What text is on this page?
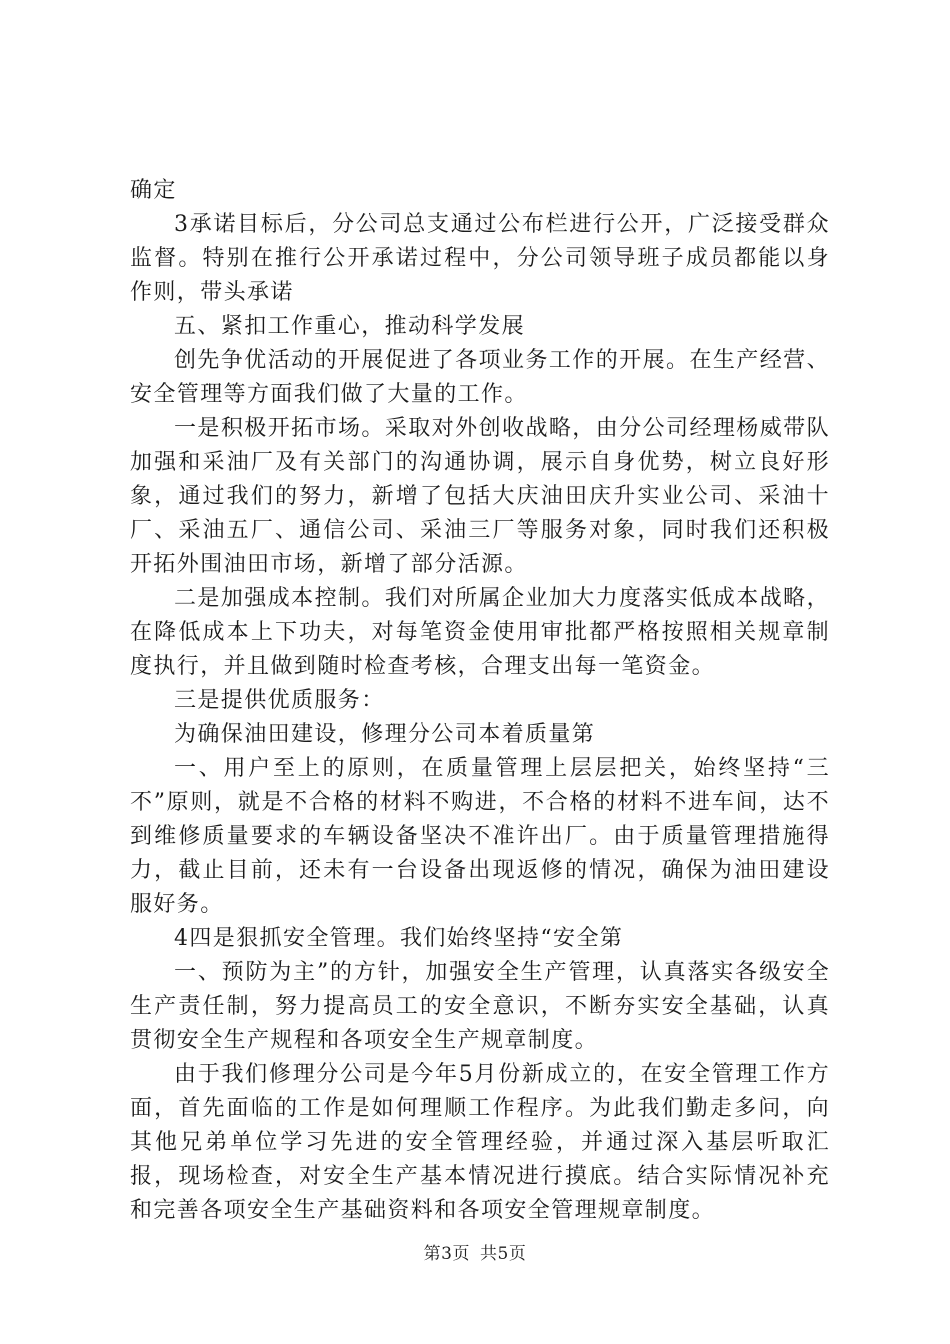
确定

3承诺目标后，分公司总支通过公布栏进行公开，广泛接受群众监督。特别在推行公开承诺过程中，分公司领导班子成员都能以身作则，带头承诺

五、紧扣工作重心，推动科学发展

创先争优活动的开展促进了各项业务工作的开展。在生产经营、安全管理等方面我们做了大量的工作。

一是积极开拓市场。采取对外创收战略，由分公司经理杨威带队加强和采油厂及有关部门的沟通协调，展示自身优势，树立良好形象，通过我们的努力，新增了包括大庆油田庆升实业公司、采油十厂、采油五厂、通信公司、采油三厂等服务对象，同时我们还积极开拓外围油田市场，新增了部分活源。

二是加强成本控制。我们对所属企业加大力度落实低成本战略，在降低成本上下功夫，对每笔资金使用审批都严格按照相关规章制度执行，并且做到随时检查考核，合理支出每一笔资金。

三是提供优质服务：

为确保油田建设，修理分公司本着质量第

一、用户至上的原则，在质量管理上层层把关，始终坚持“三不”原则，就是不合格的材料不购进，不合格的材料不进车间，达不到维修质量要求的车辆设备坚决不准许出厂。由于质量管理措施得力，截止目前，还未有一台设备出现返修的情况，确保为油田建设服好务。

4四是狠抓安全管理。我们始终坚持“安全第

一、预防为主”的方针，加强安全生产管理，认真落实各级安全生产责任制，努力提高员工的安全意识，不断夯实安全基础，认真贯彻安全生产规程和各项安全生产规章制度。

由于我们修理分公司是今年5月份新成立的，在安全管理工作方面，首先面临的工作是如何理顺工作程序。为此我们勤走多问，向其他兄弟单位学习先进的安全管理经验，并通过深入基层听取汇报，现场检查，对安全生产基本情况进行摸底。结合实际情况补充和完善各项安全生产基础资料和各项安全管理规章制度。

第3页 共5页
